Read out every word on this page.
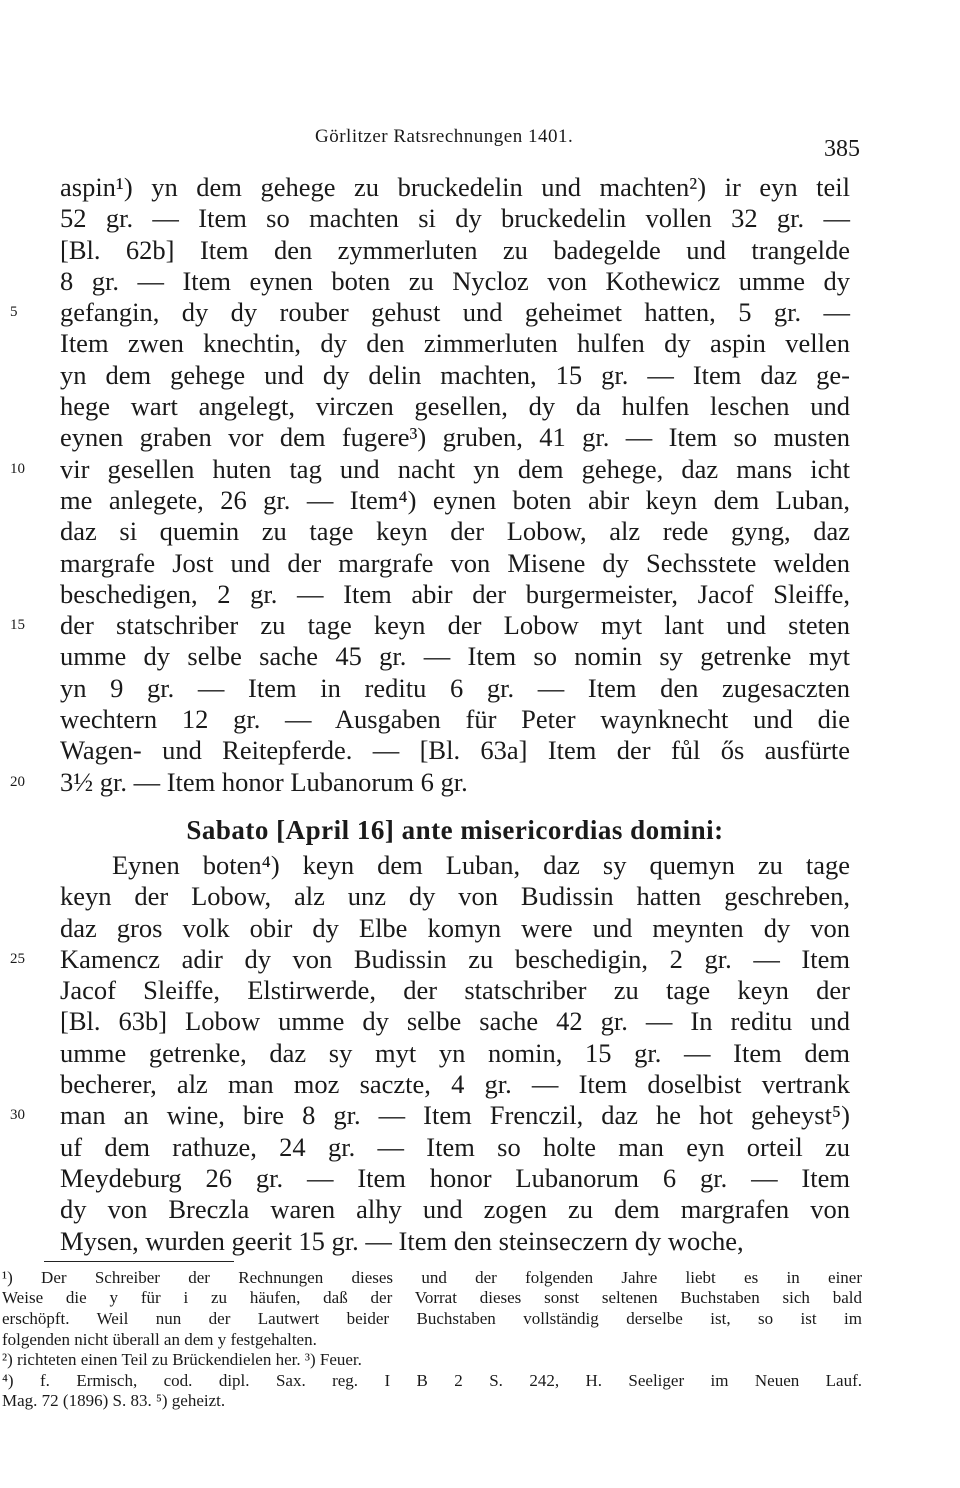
Görlitzer Ratsrechnungen 1401.	385
aspin¹) yn dem gehege zu bruckedelin und machten²) ir eyn teil
52 gr. — Item so machten si dy bruckedelin vollen 32 gr. —
[Bl. 62b] Item den zymmerluten zu badegelde und trangelde
8 gr. — Item eynen boten zu Nycloz von Kothewicz umme dy
5	gefangin, dy dy rouber gehust und geheimet hatten, 5 gr. —
Item zwen knechtin, dy den zimmerluten hulfen dy aspin vellen
yn dem gehege und dy delin machten, 15 gr. — Item daz ge-
hege wart angelegt, virczen gesellen, dy da hulfen leschen und
eynen graben vor dem fugere³) gruben, 41 gr. — Item so musten
10	vir gesellen huten tag und nacht yn dem gehege, daz mans icht
me anlegete, 26 gr. — Item⁴) eynen boten abir keyn dem Luban,
daz si quemin zu tage keyn der Lobow, alz rede gyng, daz
margrafe Jost und der margrafe von Misene dy Sechsstete welden
beschedigen, 2 gr. — Item abir der burgermeister, Jacof Sleiffe,
15	der statschriber zu tage keyn der Lobow myt lant und steten
umme dy selbe sache 45 gr. — Item so nomin sy getrenke myt
yn 9 gr. — Item in reditu 6 gr. — Item den zugesaczten
wechtern 12 gr. — Ausgaben für Peter waynknecht und die
Wagen- und Reitepferde. — [Bl. 63a] Item der fůl ős ausfürte
20	3½ gr. — Item honor Lubanorum 6 gr.
Sabato [April 16] ante misericordias domini:
Eynen boten⁴) keyn dem Luban, daz sy quemyn zu tage
keyn der Lobow, alz unz dy von Budissin hatten geschreben,
daz gros volk obir dy Elbe komyn were und meynten dy von
25	Kamencz adir dy von Budissin zu beschedigin, 2 gr. — Item
Jacof Sleiffe, Elstirwerde, der statschriber zu tage keyn der
[Bl. 63b] Lobow umme dy selbe sache 42 gr. — In reditu und
umme getrenke, daz sy myt yn nomin, 15 gr. — Item dem
becherer, alz man moz saczte, 4 gr. — Item doselbist vertrank
30	man an wine, bire 8 gr. — Item Frenczil, daz he hot geheyst⁵)
uf dem rathuze, 24 gr. — Item so holte man eyn orteil zu
Meydeburg 26 gr. — Item honor Lubanorum 6 gr. — Item
dy von Breczla waren alhy und zogen zu dem margrafen von
Mysen, wurden geerit 15 gr. — Item den steinseczern dy woche,
¹) Der Schreiber der Rechnungen dieses und der folgenden Jahre liebt es in einer
Weise die y für i zu häufen, daß der Vorrat dieses sonst seltenen Buchstaben sich bald
erschöpft. Weil nun der Lautwert beider Buchstaben vollständig derselbe ist, so ist im
folgenden nicht überall an dem y festgehalten.
²) richteten einen Teil zu Brückendielen her. ³) Feuer.
⁴) f. Ermisch, cod. dipl. Sax. reg. I B 2 S. 242, H. Seeliger im Neuen Lauf.
Mag. 72 (1896) S. 83. ⁵) geheizt.
